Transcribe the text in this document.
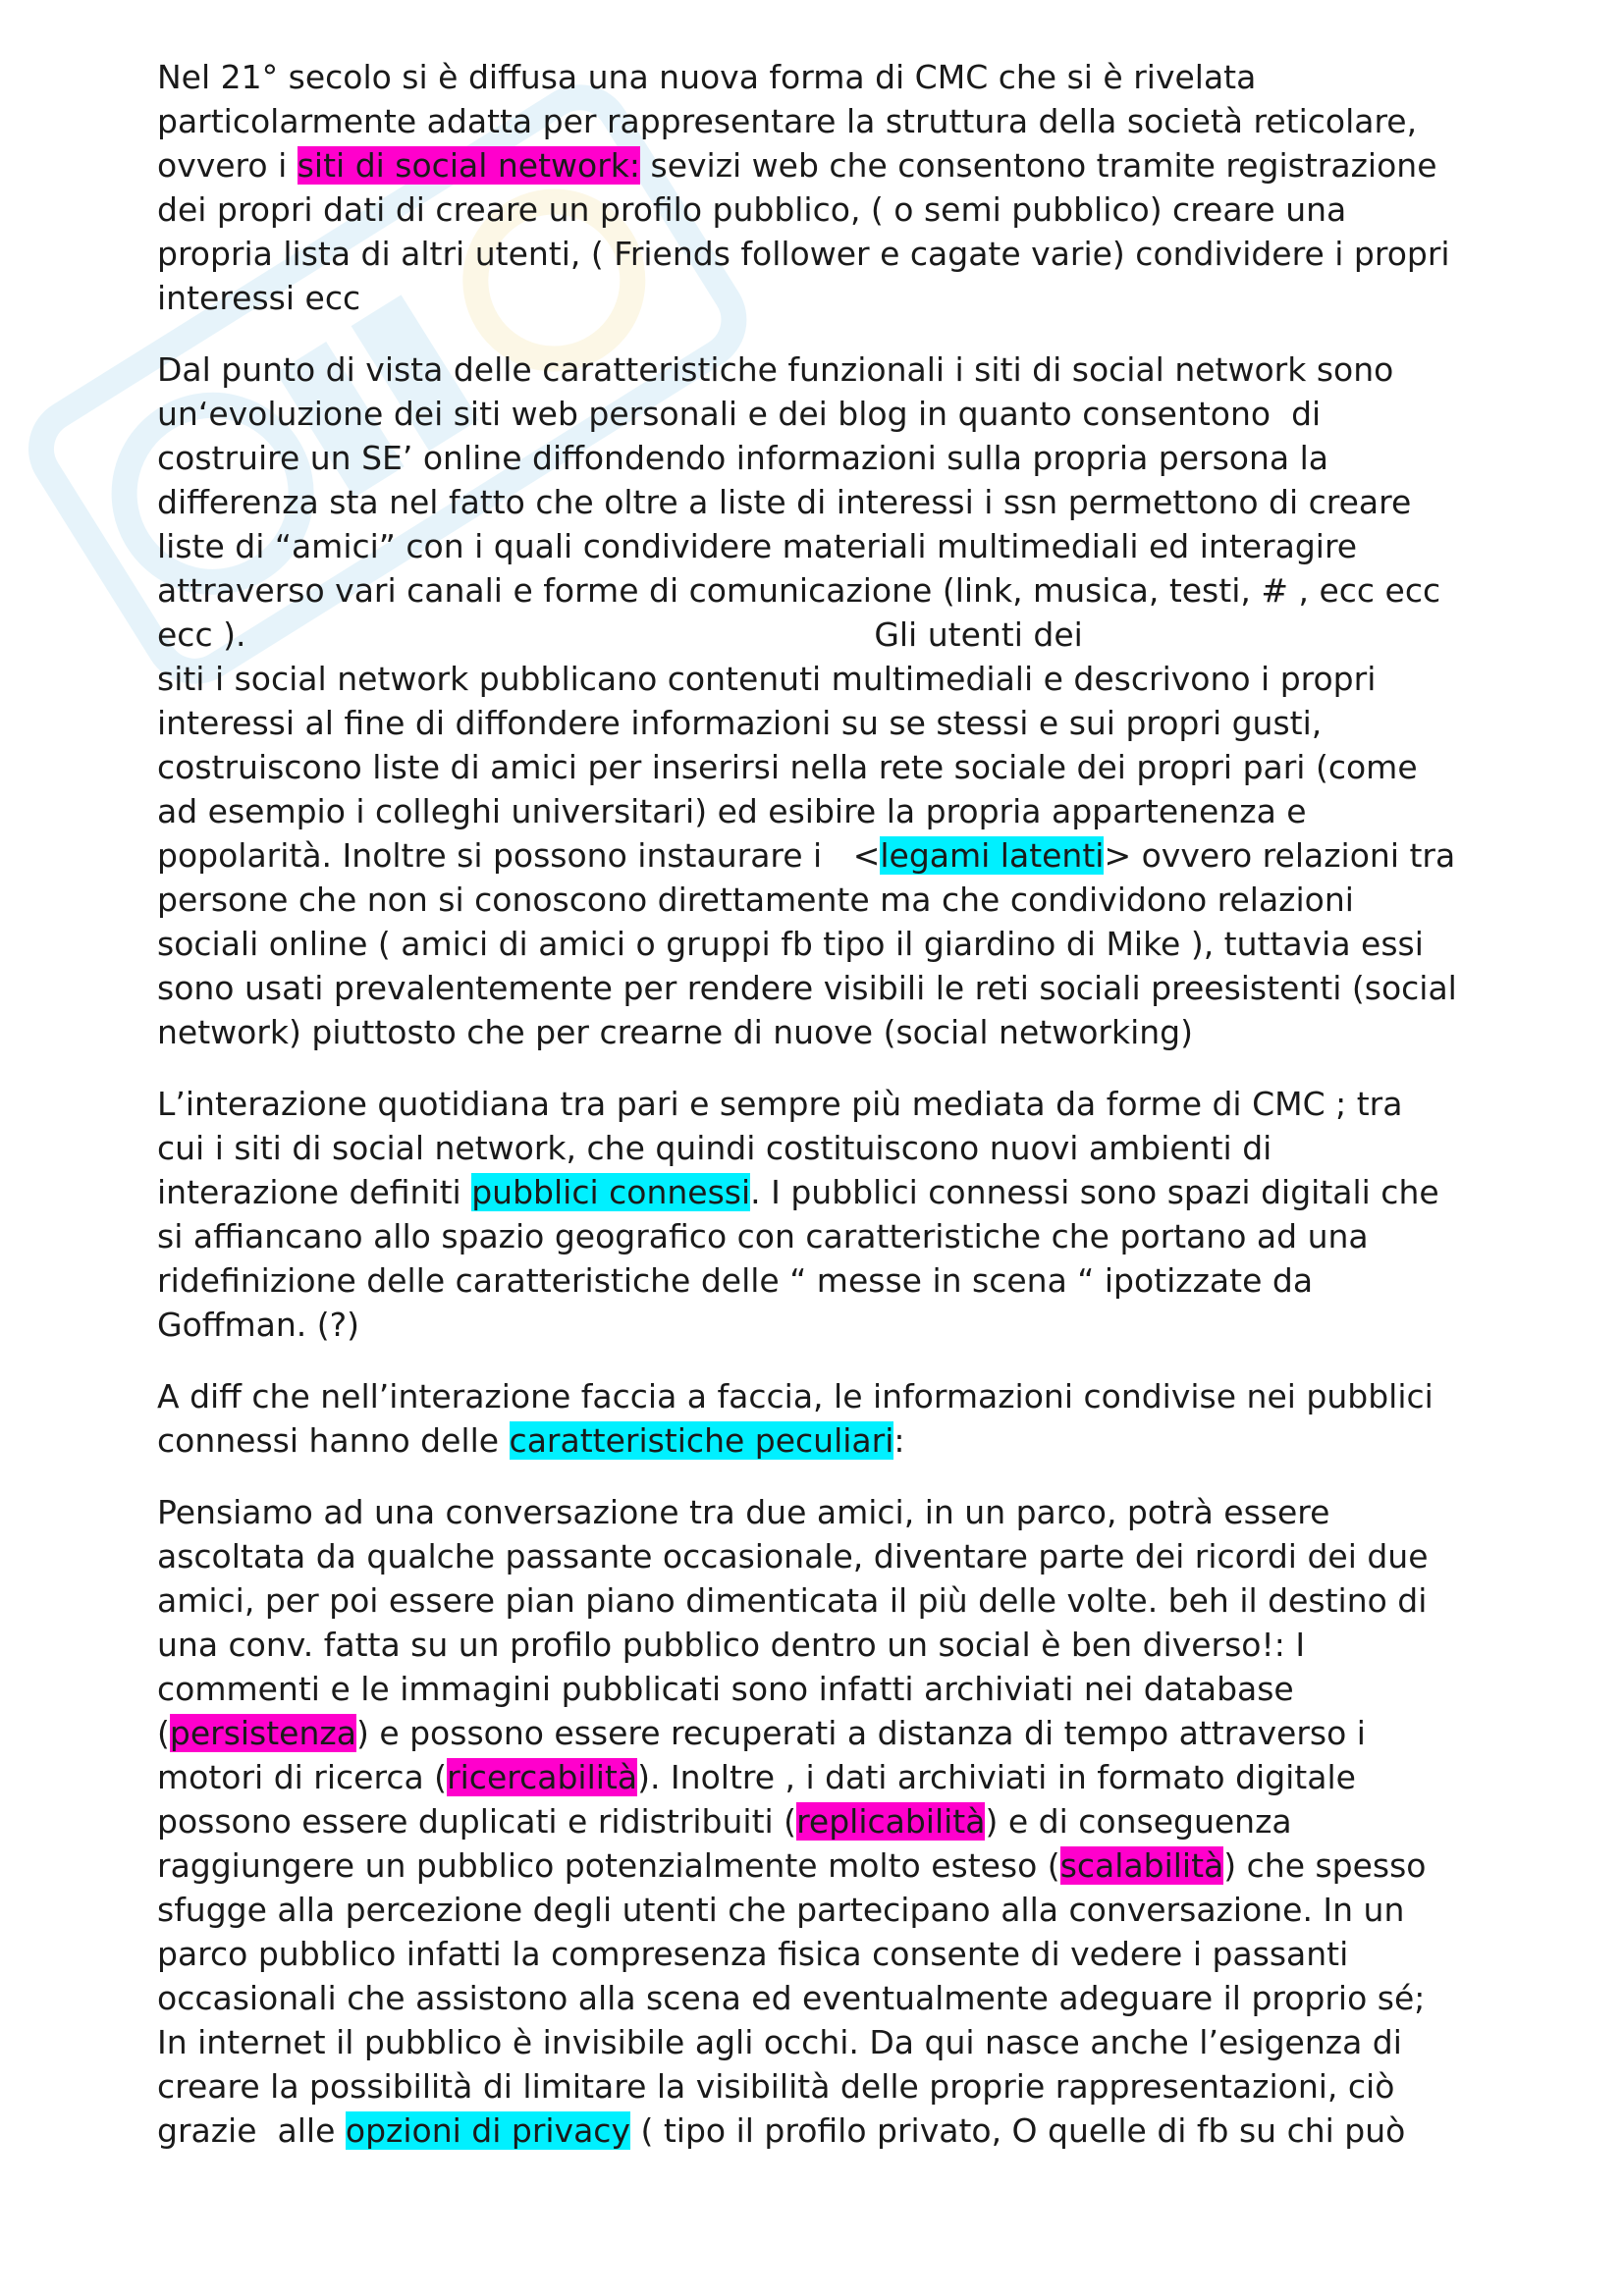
Nel 21° secolo si è diffusa una nuova forma di CMC che si è rivelata
particolarmente adatta per rappresentare la struttura della società reticolare,
ovvero i siti di social network: sevizi web che consentono tramite registrazione
dei propri dati di creare un profilo pubblico, ( o semi pubblico) creare una
propria lista di altri utenti, ( Friends follower e cagate varie) condividere i propri
interessi ecc

Dal punto di vista delle caratteristiche funzionali i siti di social network sono
un‘evoluzione dei siti web personali e dei blog in quanto consentono  di
costruire un SE’ online diffondendo informazioni sulla propria persona la
differenza sta nel fatto che oltre a liste di interessi i ssn permettono di creare
liste di “amici” con i quali condividere materiali multimediali ed interagire
attraverso vari canali e forme di comunicazione (link, musica, testi, # , ecc ecc
ecc ).                                                             Gli utenti dei
siti i social network pubblicano contenuti multimediali e descrivono i propri
interessi al fine di diffondere informazioni su se stessi e sui propri gusti,
costruiscono liste di amici per inserirsi nella rete sociale dei propri pari (come
ad esempio i colleghi universitari) ed esibire la propria appartenenza e
popolarità. Inoltre si possono instaurare i   <legami latenti> ovvero relazioni tra
persone che non si conoscono direttamente ma che condividono relazioni
sociali online ( amici di amici o gruppi fb tipo il giardino di Mike ), tuttavia essi
sono usati prevalentemente per rendere visibili le reti sociali preesistenti (social
network) piuttosto che per crearne di nuove (social networking)

L’interazione quotidiana tra pari e sempre più mediata da forme di CMC ; tra
cui i siti di social network, che quindi costituiscono nuovi ambienti di
interazione definiti pubblici connessi. I pubblici connessi sono spazi digitali che
si affiancano allo spazio geografico con caratteristiche che portano ad una
ridefinizione delle caratteristiche delle “ messe in scena “ ipotizzate da
Goffman. (?)

A diff che nell’interazione faccia a faccia, le informazioni condivise nei pubblici
connessi hanno delle caratteristiche peculiari:

Pensiamo ad una conversazione tra due amici, in un parco, potrà essere
ascoltata da qualche passante occasionale, diventare parte dei ricordi dei due
amici, per poi essere pian piano dimenticata il più delle volte. beh il destino di
una conv. fatta su un profilo pubblico dentro un social è ben diverso!: I
commenti e le immagini pubblicati sono infatti archiviati nei database
(persistenza) e possono essere recuperati a distanza di tempo attraverso i
motori di ricerca (ricercabilità). Inoltre , i dati archiviati in formato digitale
possono essere duplicati e ridistribuiti (replicabilità) e di conseguenza
raggiungere un pubblico potenzialmente molto esteso (scalabilità) che spesso
sfugge alla percezione degli utenti che partecipano alla conversazione. In un
parco pubblico infatti la compresenza fisica consente di vedere i passanti
occasionali che assistono alla scena ed eventualmente adeguare il proprio sé;
In internet il pubblico è invisibile agli occhi. Da qui nasce anche l’esigenza di
creare la possibilità di limitare la visibilità delle proprie rappresentazioni, ciò
grazie  alle opzioni di privacy ( tipo il profilo privato, O quelle di fb su chi può
